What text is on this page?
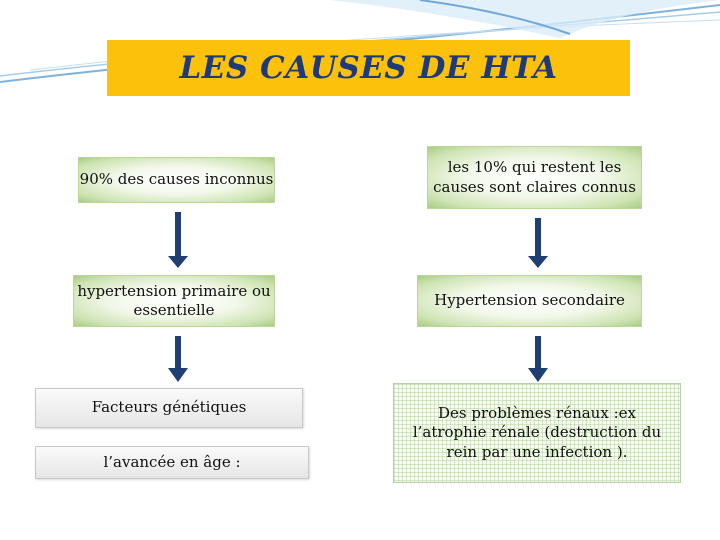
LES CAUSES DE HTA
90% des causes inconnus
les 10% qui restent les causes sont claires connus
hypertension primaire ou essentielle
Hypertension secondaire
Facteurs génétiques
l’avancée en âge :
Des problèmes rénaux :ex l’atrophie rénale (destruction du rein par une infection ).
